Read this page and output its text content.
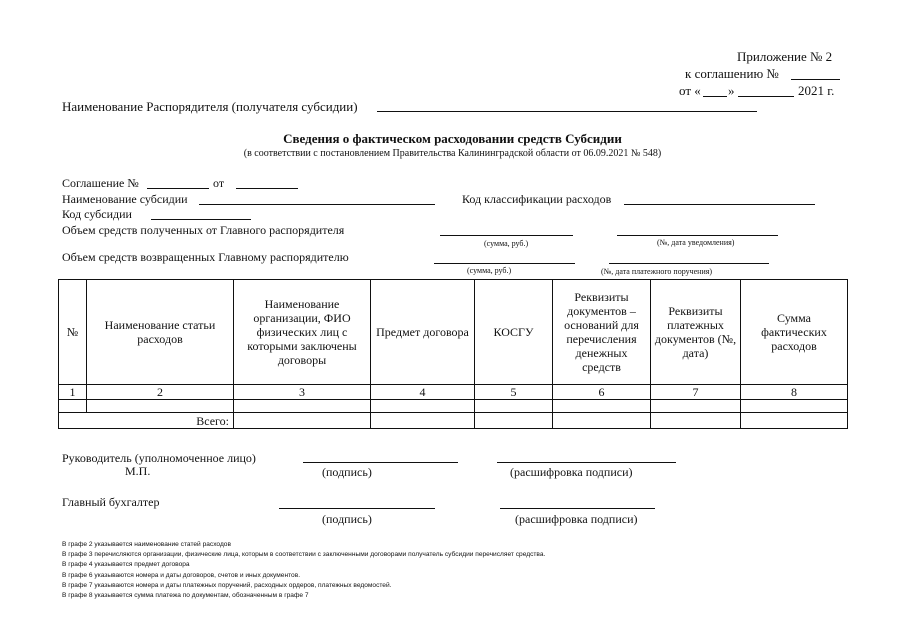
Приложение № 2
к соглашению №
от « »	2021 г.
Наименование Распорядителя (получателя субсидии)
Сведения о фактическом расходовании средств Субсидии
(в соответствии с постановлением Правительства Калининградской области от 06.09.2021 № 548)
Соглашение №	от
Наименование субсидии	Код классификации расходов
Код субсидии
Объем средств полученных от Главного распорядителя
(сумма, руб.)	(№, дата уведомления)
Объем средств возвращенных Главному распорядителю
(сумма, руб.)	(№, дата платежного поручения)
№	Наименование статьи расходов	Наименование организации, ФИО физических лиц с которыми заключены договоры	Предмет договора	КОСГУ	Реквизиты документов – оснований для перечисления денежных средств	Реквизиты платежных документов (№, дата)	Сумма фактических расходов
1	2	3	4	5	6	7	8

Всего:							
Руководитель (уполномоченное лицо)
М.П.	(подпись)	(расшифровка подписи)
Главный бухгалтер
(подпись)	(расшифровка подписи)
В графе 2 указывается наименование статей расходов
В графе 3 перечисляются организации, физические лица, которым в соответствии с заключенными договорами получатель субсидии перечисляет средства.
В графе 4 указывается предмет договора
В графе 6 указываются номера и даты договоров, счетов и иных документов.
В графе 7 указываются номера и даты платежных поручений, расходных ордеров, платежных ведомостей.
В графе 8 указывается сумма платежа по документам, обозначенным в графе 7
